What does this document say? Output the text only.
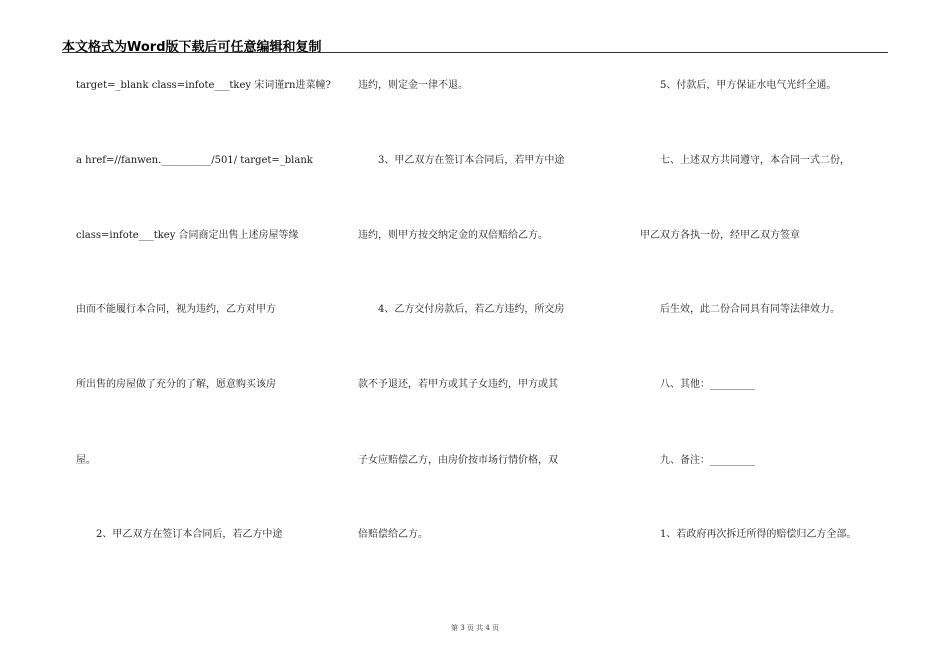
本文格式为Word版下载后可任意编辑和复制
target=_blank class=infote___tkey 宋词谨rn进菜幢?
a href=//fanwen.__________/501/ target=_blank
class=infote___tkey 合同商定出售上述房屋等缘
由而不能履行本合同，视为违约，乙方对甲方
所出售的房屋做了充分的了解，愿意购买该房
屋。
　　2、甲乙双方在签订本合同后，若乙方中途
违约，则定金一律不退。
　　3、甲乙双方在签订本合同后，若甲方中途
违约，则甲方按交纳定金的双倍赔给乙方。
　　4、乙方交付房款后，若乙方违约，所交房
款不予退还，若甲方或其子女违约，甲方或其
子女应赔偿乙方，由房价按市场行情价格，双
倍赔偿给乙方。
　　5、付款后，甲方保证水电气光纤全通。
　　七、上述双方共同遵守，本合同一式二份，
甲乙双方各执一份，经甲乙双方签章
　　后生效，此二份合同具有同等法律效力。
　　八、其他：_________
　　九、备注：_________
　　1、若政府再次拆迁所得的赔偿归乙方全部。
第 3 页 共 4 页
